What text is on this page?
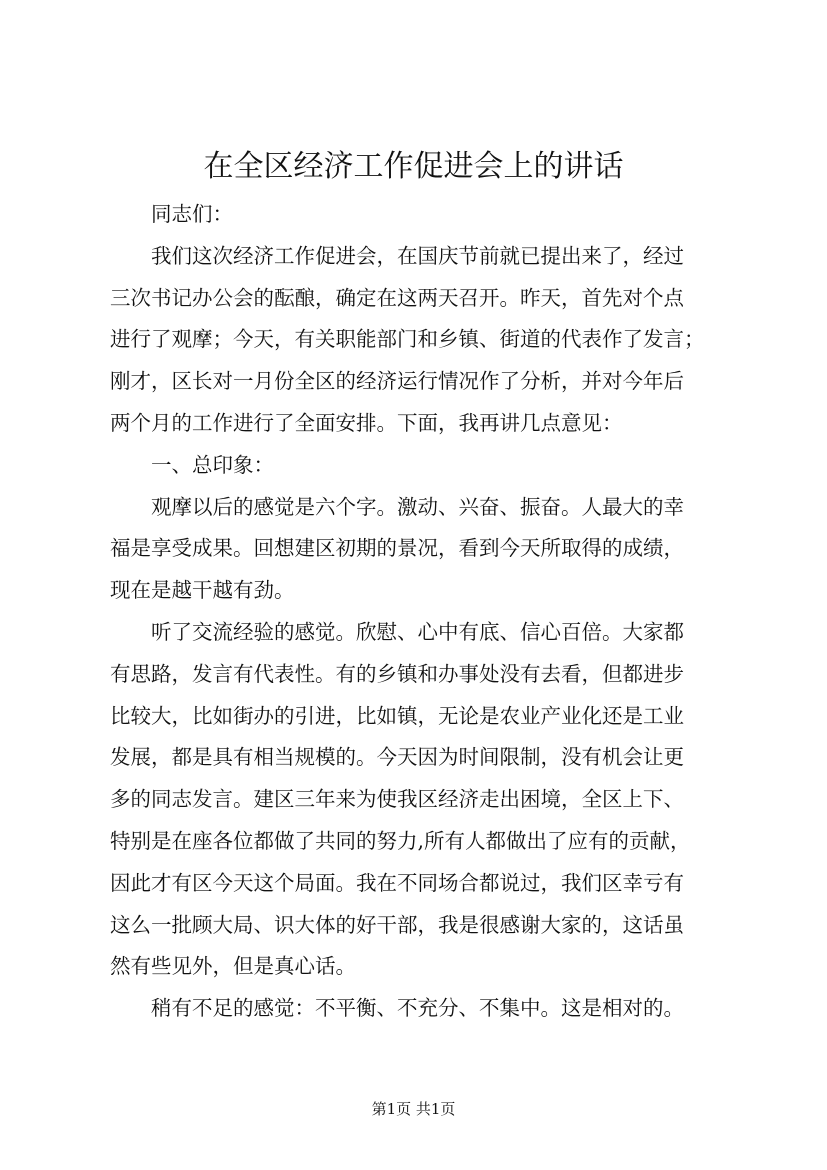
在全区经济工作促进会上的讲话

同志们：

我们这次经济工作促进会，在国庆节前就已提出来了，经过
三次书记办公会的酝酿，确定在这两天召开。昨天，首先对个点
进行了观摩；今天，有关职能部门和乡镇、街道的代表作了发言；
刚才，区长对一月份全区的经济运行情况作了分析，并对今年后
两个月的工作进行了全面安排。下面，我再讲几点意见：

一、总印象：

观摩以后的感觉是六个字。激动、兴奋、振奋。人最大的幸
福是享受成果。回想建区初期的景况，看到今天所取得的成绩，
现在是越干越有劲。

听了交流经验的感觉。欣慰、心中有底、信心百倍。大家都
有思路，发言有代表性。有的乡镇和办事处没有去看，但都进步
比较大，比如街办的引进，比如镇，无论是农业产业化还是工业
发展，都是具有相当规模的。今天因为时间限制，没有机会让更
多的同志发言。建区三年来为使我区经济走出困境，全区上下、
特别是在座各位都做了共同的努力,所有人都做出了应有的贡献，
因此才有区今天这个局面。我在不同场合都说过，我们区幸亏有
这么一批顾大局、识大体的好干部，我是很感谢大家的，这话虽
然有些见外，但是真心话。

稍有不足的感觉：不平衡、不充分、不集中。这是相对的。

第1页 共1页
